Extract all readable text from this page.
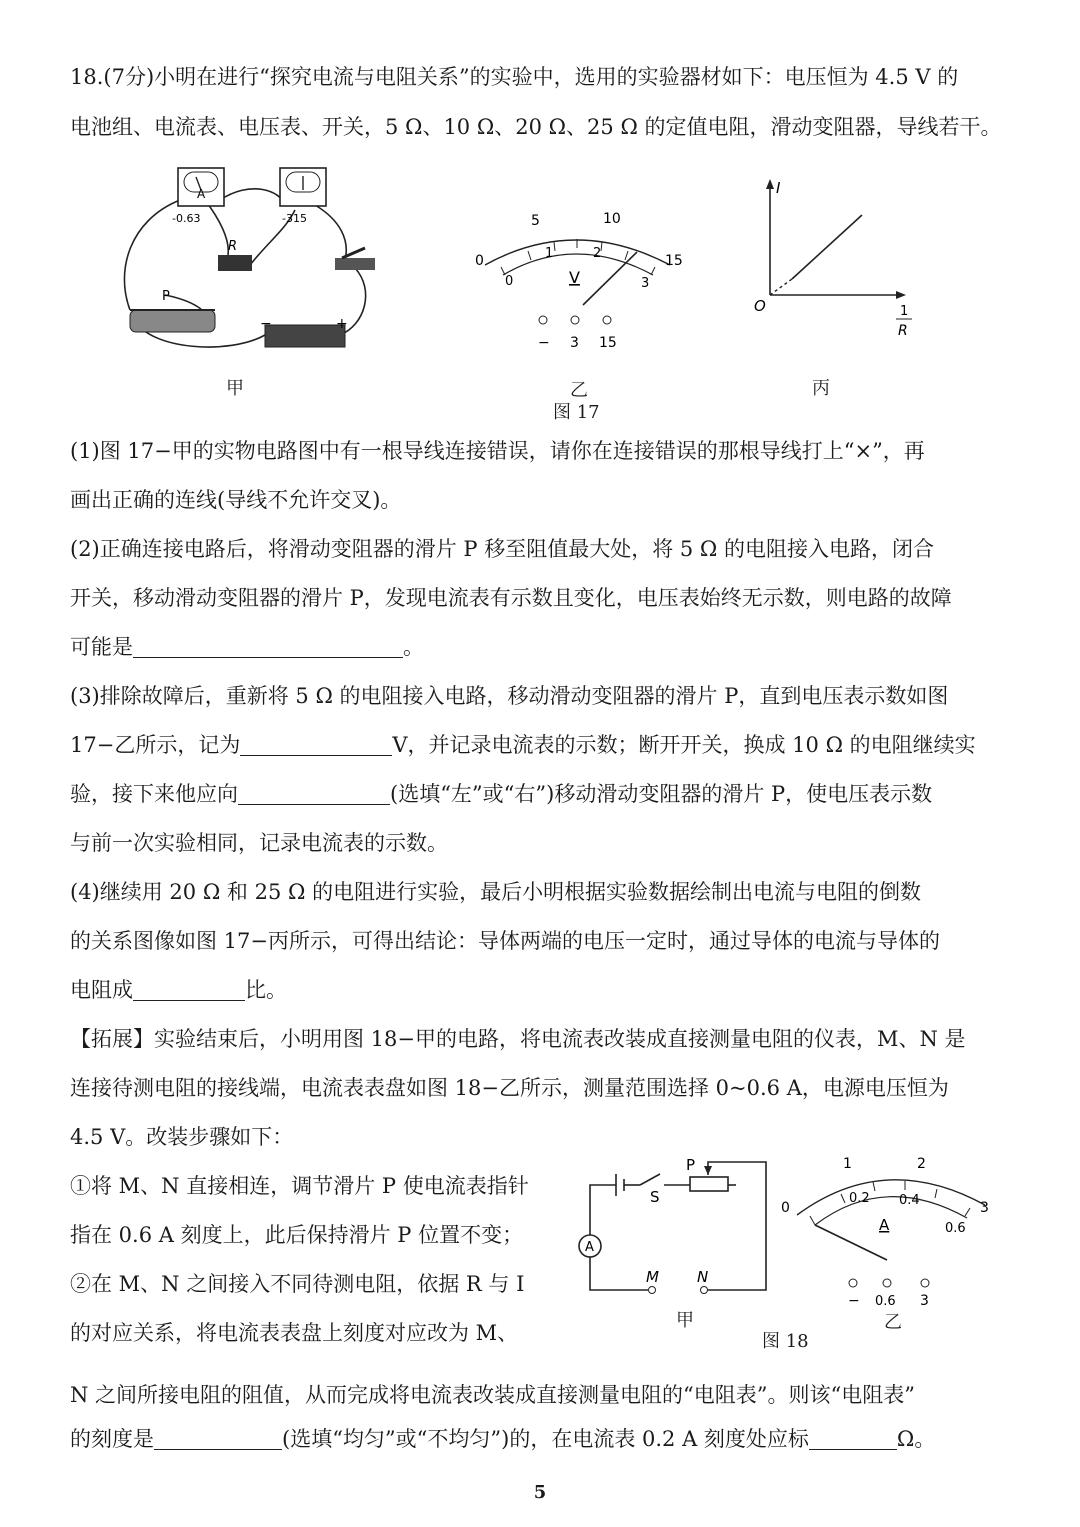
18.(7分)小明在进行“探究电流与电阻关系”的实验中，选用的实验器材如下：电压恒为 4.5 V 的
电池组、电流表、电压表、开关，5 Ω、10 Ω、20 Ω、25 Ω 的定值电阻，滑动变阻器，导线若干。
A
-0.63	-315
R
P
−	+
甲
0
5	10
15
0
1	2
3
V
− 3 15
乙
图 17
I
O	1
R
丙
(1)图 17−甲的实物电路图中有一根导线连接错误，请你在连接错误的那根导线打上“×”，再
画出正确的连线(导线不允许交叉)。
(2)正确连接电路后，将滑动变阻器的滑片 P 移至阻值最大处，将 5 Ω 的电阻接入电路，闭合
开关，移动滑动变阻器的滑片 P，发现电流表有示数且变化，电压表始终无示数，则电路的故障
可能是	。
(3)排除故障后，重新将 5 Ω 的电阻接入电路，移动滑动变阻器的滑片 P，直到电压表示数如图
17−乙所示，记为	V，并记录电流表的示数；断开开关，换成 10 Ω 的电阻继续实
验，接下来他应向	(选填“左”或“右”)移动滑动变阻器的滑片 P，使电压表示数
与前一次实验相同，记录电流表的示数。
(4)继续用 20 Ω 和 25 Ω 的电阻进行实验，最后小明根据实验数据绘制出电流与电阻的倒数
的关系图像如图 17−丙所示，可得出结论：导体两端的电压一定时，通过导体的电流与导体的
电阻成	比。
【拓展】实验结束后，小明用图 18−甲的电路，将电流表改装成直接测量电阻的仪表，M、N 是
连接待测电阻的接线端，电流表表盘如图 18−乙所示，测量范围选择 0~0.6 A，电源电压恒为
4.5 V。改装步骤如下：
①将 M、N 直接相连，调节滑片 P 使电流表指针
指在 0.6 A 刻度上，此后保持滑片 P 位置不变；
②在 M、N 之间接入不同待测电阻，依据 R 与 I
的对应关系，将电流表表盘上刻度对应改为 M、
A
S
P
M	N
甲
0
1	2
3
0.2 0.4
0.6
A
− 0.6 3
图 18
乙
N 之间所接电阻的阻值，从而完成将电流表改装成直接测量电阻的“电阻表”。则该“电阻表”
的刻度是	(选填“均匀”或“不均匀”)的，在电流表 0.2 A 刻度处应标	Ω。
5
